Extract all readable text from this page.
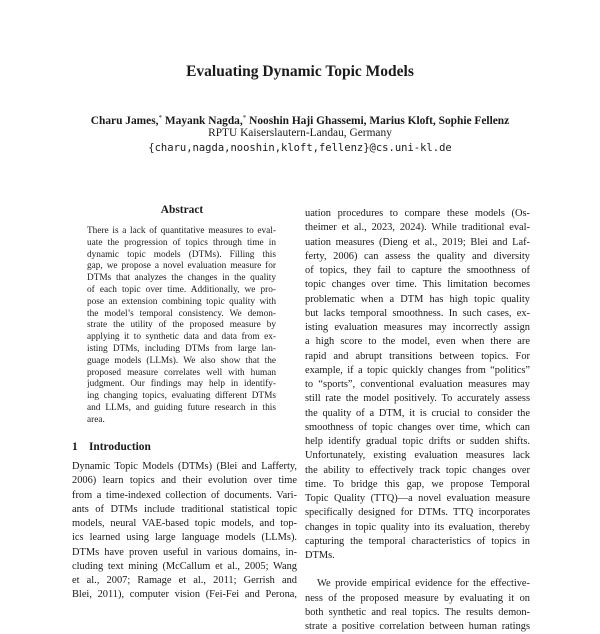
Evaluating Dynamic Topic Models
Charu James,* Mayank Nagda,* Nooshin Haji Ghassemi, Marius Kloft, Sophie Fellenz
RPTU Kaiserslautern-Landau, Germany
{charu,nagda,nooshin,kloft,fellenz}@cs.uni-kl.de
Abstract
There is a lack of quantitative measures to eval-
uate the progression of topics through time in
dynamic topic models (DTMs). Filling this
gap, we propose a novel evaluation measure for
DTMs that analyzes the changes in the quality
of each topic over time. Additionally, we pro-
pose an extension combining topic quality with
the model’s temporal consistency. We demon-
strate the utility of the proposed measure by
applying it to synthetic data and data from ex-
isting DTMs, including DTMs from large lan-
guage models (LLMs). We also show that the
proposed measure correlates well with human
judgment. Our findings may help in identify-
ing changing topics, evaluating different DTMs
and LLMs, and guiding future research in this
area.
1 Introduction
Dynamic Topic Models (DTMs) (Blei and Lafferty,
2006) learn topics and their evolution over time
from a time-indexed collection of documents. Vari-
ants of DTMs include traditional statistical topic
models, neural VAE-based topic models, and top-
ics learned using large language models (LLMs).
DTMs have proven useful in various domains, in-
cluding text mining (McCallum et al., 2005; Wang
et al., 2007; Ramage et al., 2011; Gerrish and
Blei, 2011), computer vision (Fei-Fei and Perona,
uation procedures to compare these models (Os-
theimer et al., 2023, 2024). While traditional eval-
uation measures (Dieng et al., 2019; Blei and Laf-
ferty, 2006) can assess the quality and diversity
of topics, they fail to capture the smoothness of
topic changes over time. This limitation becomes
problematic when a DTM has high topic quality
but lacks temporal smoothness. In such cases, ex-
isting evaluation measures may incorrectly assign
a high score to the model, even when there are
rapid and abrupt transitions between topics. For
example, if a topic quickly changes from “politics”
to “sports”, conventional evaluation measures may
still rate the model positively. To accurately assess
the quality of a DTM, it is crucial to consider the
smoothness of topic changes over time, which can
help identify gradual topic drifts or sudden shifts.
Unfortunately, existing evaluation measures lack
the ability to effectively track topic changes over
time. To bridge this gap, we propose Temporal
Topic Quality (TTQ)—a novel evaluation measure
specifically designed for DTMs. TTQ incorporates
changes in topic quality into its evaluation, thereby
capturing the temporal characteristics of topics in
DTMs.
We provide empirical evidence for the effective-
ness of the proposed measure by evaluating it on
both synthetic and real topics. The results demon-
strate a positive correlation between human ratings
